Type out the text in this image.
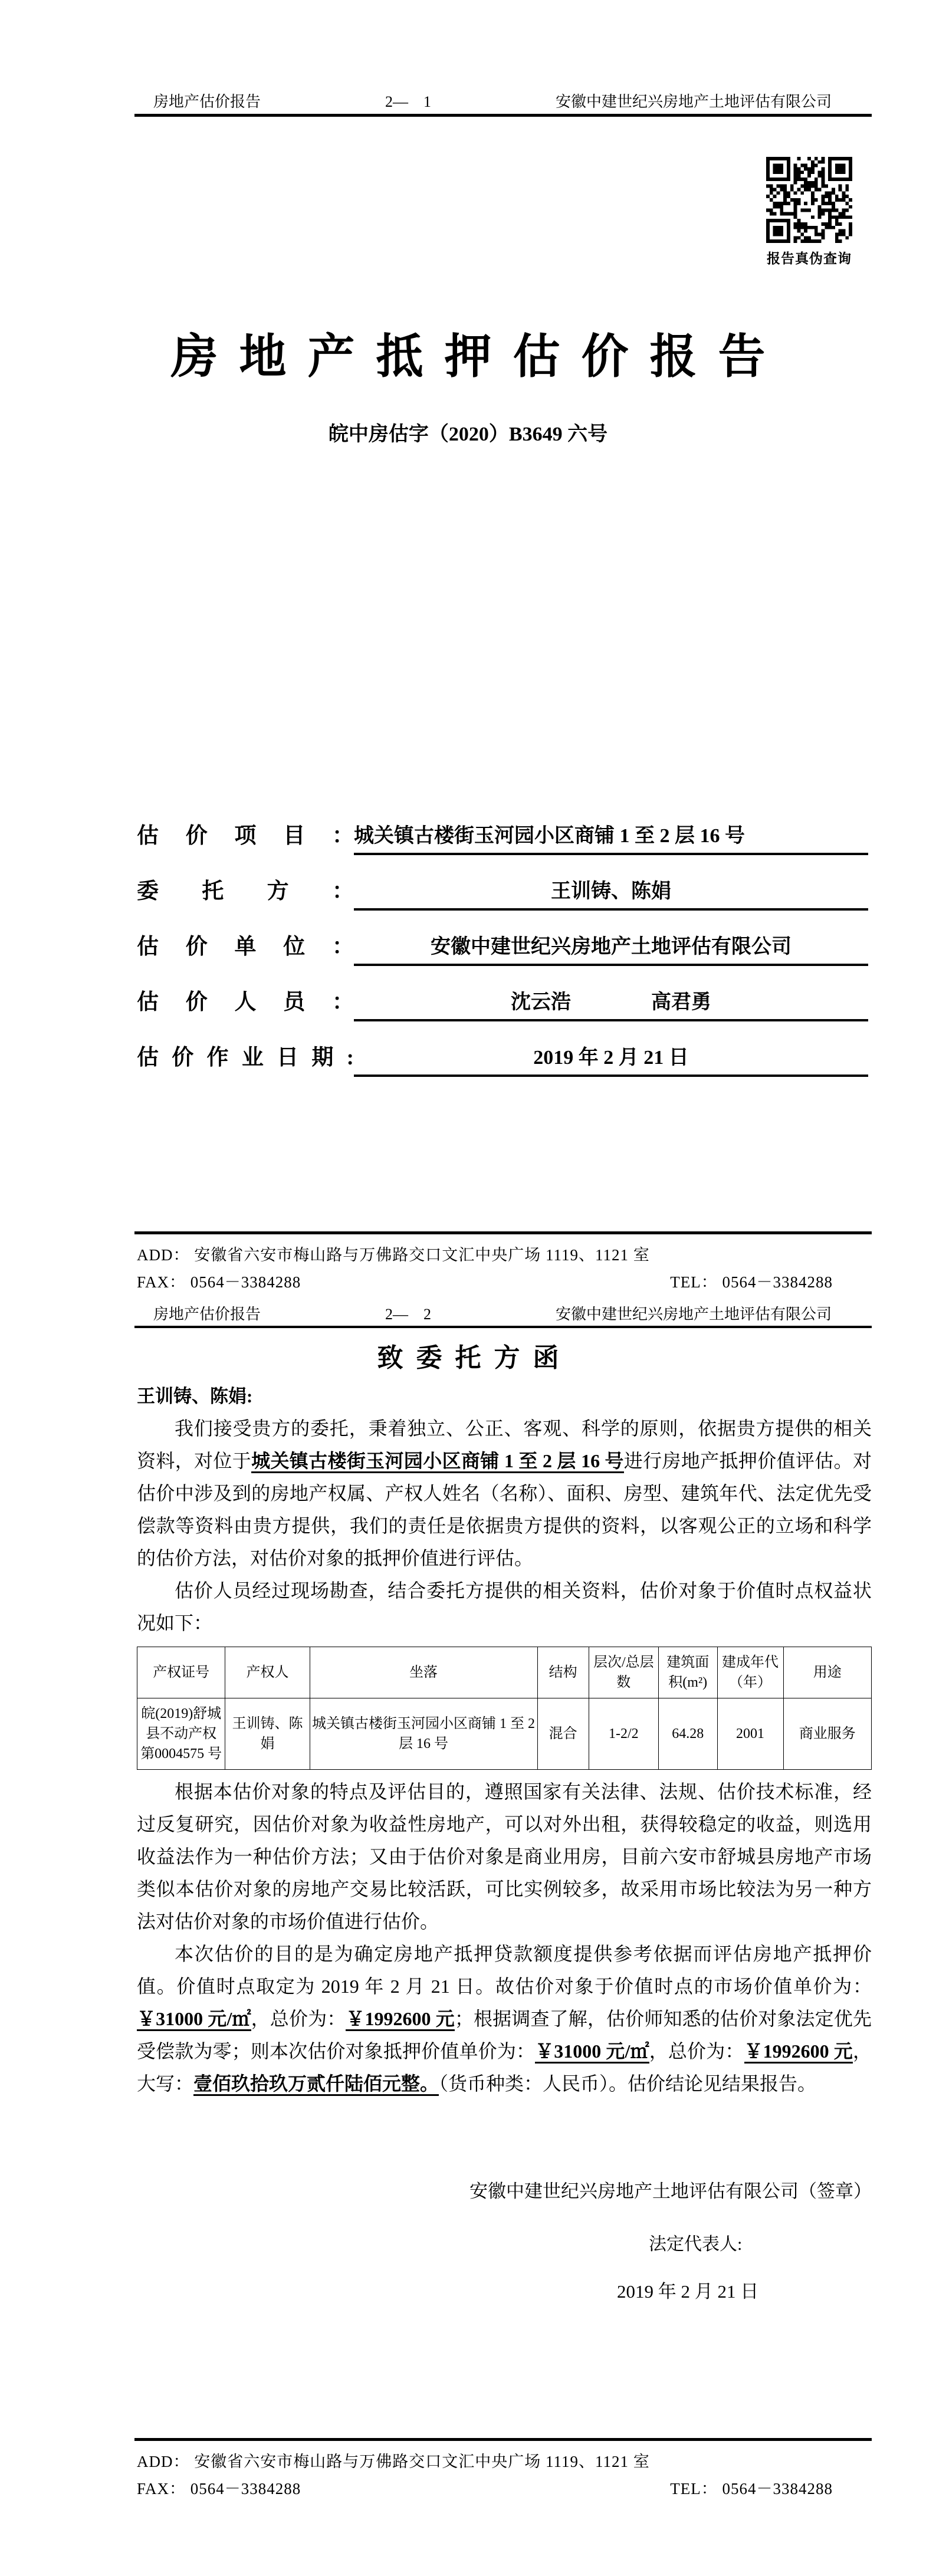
房地产估价报告	2—　1	安徽中建世纪兴房地产土地评估有限公司
报告真伪查询
房 地 产 抵 押 估 价 报 告
皖中房估字（2020）B3649 六号
估价项目： 城关镇古楼街玉河园小区商铺 1 至 2 层 16 号
委托方：	王训铸、陈娟
估价单位：	安徽中建世纪兴房地产土地评估有限公司
估价人员：	沈云浩　　　　高君勇
估价作业日期:	2019 年 2 月 21 日
ADD： 安徽省六安市梅山路与万佛路交口文汇中央广场 1119、1121 室
FAX： 0564－3384288	TEL： 0564－3384288
房地产估价报告	2—　2	安徽中建世纪兴房地产土地评估有限公司
致  委  托  方  函
王训铸、陈娟:

我们接受贵方的委托，秉着独立、公正、客观、科学的原则，依据贵方提供的相关资料，对位于城关镇古楼街玉河园小区商铺 1 至 2 层 16 号进行房地产抵押价值评估。对估价中涉及到的房地产权属、产权人姓名（名称）、面积、房型、建筑年代、法定优先受偿款等资料由贵方提供，我们的责任是依据贵方提供的资料，以客观公正的立场和科学的估价方法，对估价对象的抵押价值进行评估。

估价人员经过现场勘查，结合委托方提供的相关资料，估价对象于价值时点权益状况如下：

产权证号	产权人	坐落	结构	层次/总层数	建筑面积(m²)	建成年代（年）	用途
皖(2019)舒城县不动产权第0004575 号	王训铸、陈娟	城关镇古楼街玉河园小区商铺 1 至 2 层 16 号	混合	1-2/2	64.28	2001	商业服务

根据本估价对象的特点及评估目的，遵照国家有关法律、法规、估价技术标准，经过反复研究，因估价对象为收益性房地产，可以对外出租，获得较稳定的收益，则选用收益法作为一种估价方法；又由于估价对象是商业用房，目前六安市舒城县房地产市场类似本估价对象的房地产交易比较活跃，可比实例较多，故采用市场比较法为另一种方法对估价对象的市场价值进行估价。

本次估价的目的是为确定房地产抵押贷款额度提供参考依据而评估房地产抵押价值。价值时点取定为 2019 年 2 月 21 日。故估价对象于价值时点的市场价值单价为：￥31000 元/㎡，总价为：￥1992600 元；根据调查了解，估价师知悉的估价对象法定优先受偿款为零；则本次估价对象抵押价值单价为：￥31000 元/㎡，总价为：￥1992600 元，大写：壹佰玖拾玖万贰仟陆佰元整。（货币种类：人民币）。估价结论见结果报告。

安徽中建世纪兴房地产土地评估有限公司（签章）
法定代表人:
2019 年 2 月 21 日
ADD： 安徽省六安市梅山路与万佛路交口文汇中央广场 1119、1121 室
FAX： 0564－3384288	TEL： 0564－3384288
